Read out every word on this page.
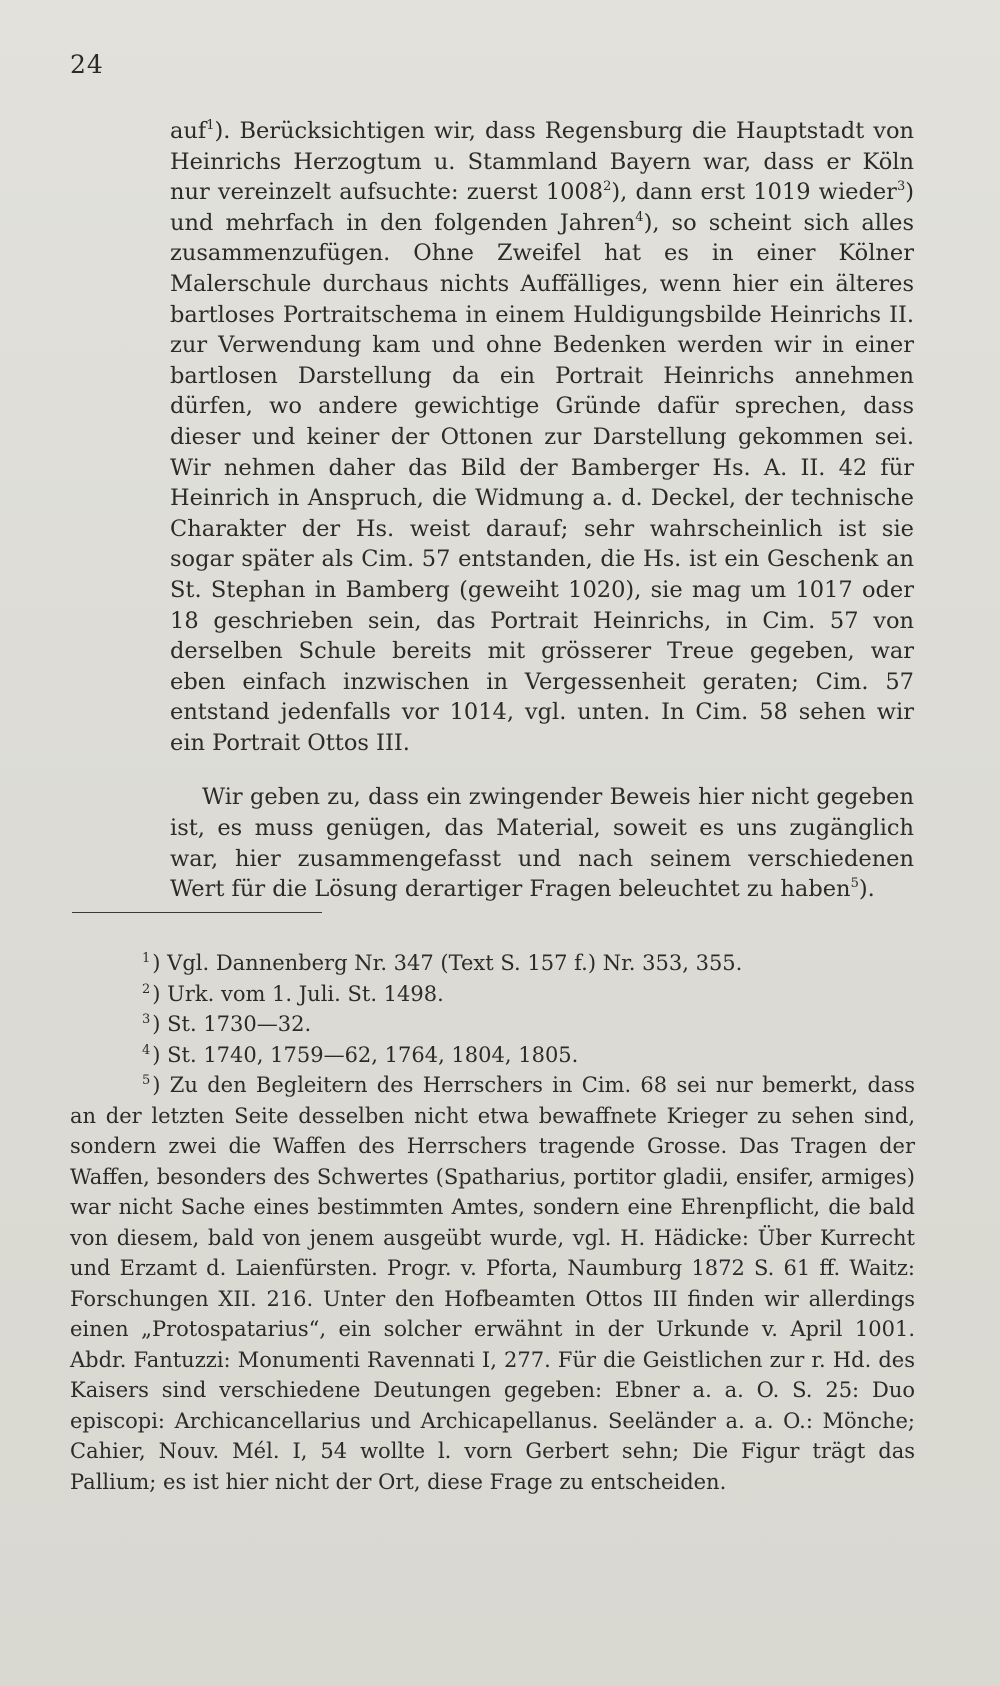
24

auf$^1$). Berücksichtigen wir, dass Regensburg die Hauptstadt von Heinrichs Herzogtum u. Stammland Bayern war, dass er Köln nur vereinzelt aufsuchte: zuerst 1008$^2$), dann erst 1019 wieder$^3$) und mehrfach in den folgenden Jahren$^4$), so scheint sich alles zusammenzufügen. Ohne Zweifel hat es in einer Kölner Malerschule durchaus nichts Auffälliges, wenn hier ein älteres bartloses Portraitschema in einem Huldigungsbilde Heinrichs II. zur Verwendung kam und ohne Bedenken werden wir in einer bartlosen Darstellung da ein Portrait Heinrichs annehmen dürfen, wo andere gewichtige Gründe dafür sprechen, dass dieser und keiner der Ottonen zur Darstellung gekommen sei. Wir nehmen daher das Bild der Bamberger Hs. A. II. 42 für Heinrich in Anspruch, die Widmung a. d. Deckel, der technische Charakter der Hs. weist darauf; sehr wahrscheinlich ist sie sogar später als Cim. 57 entstanden, die Hs. ist ein Geschenk an St. Stephan in Bamberg (geweiht 1020), sie mag um 1017 oder 18 geschrieben sein, das Portrait Heinrichs, in Cim. 57 von derselben Schule bereits mit grösserer Treue gegeben, war eben einfach inzwischen in Vergessenheit geraten; Cim. 57 entstand jedenfalls vor 1014, vgl. unten. In Cim. 58 sehen wir ein Portrait Ottos III.

Wir geben zu, dass ein zwingender Beweis hier nicht gegeben ist, es muss genügen, das Material, soweit es uns zugänglich war, hier zusammengefasst und nach seinem verschiedenen Wert für die Lösung derartiger Fragen beleuchtet zu haben$^5$).

$^1$) Vgl. Dannenberg Nr. 347 (Text S. 157 f.) Nr. 353, 355.
$^2$) Urk. vom 1. Juli. St. 1498.
$^3$) St. 1730—32.
$^4$) St. 1740, 1759—62, 1764, 1804, 1805.
$^5$) Zu den Begleitern des Herrschers in Cim. 68 sei nur bemerkt, dass an der letzten Seite desselben nicht etwa bewaffnete Krieger zu sehen sind, sondern zwei die Waffen des Herrschers tragende Grosse. Das Tragen der Waffen, besonders des Schwertes (Spatharius, portitor gladii, ensifer, armiges) war nicht Sache eines bestimmten Amtes, sondern eine Ehrenpflicht, die bald von diesem, bald von jenem ausgeübt wurde, vgl. H. Hädicke: Über Kurrecht und Erzamt d. Laienfürsten. Progr. v. Pforta, Naumburg 1872 S. 61 ff. Waitz: Forschungen XII. 216. Unter den Hofbeamten Ottos III finden wir allerdings einen „Protospatarius“, ein solcher erwähnt in der Urkunde v. April 1001. Abdr. Fantuzzi: Monumenti Ravennati I, 277. Für die Geistlichen zur r. Hd. des Kaisers sind verschiedene Deutungen gegeben: Ebner a. a. O. S. 25: Duo episcopi: Archicancellarius und Archicapellanus. Seeländer a. a. O.: Mönche; Cahier, Nouv. Mél. I, 54 wollte l. vorn Gerbert sehn; Die Figur trägt das Pallium; es ist hier nicht der Ort, diese Frage zu entscheiden.
